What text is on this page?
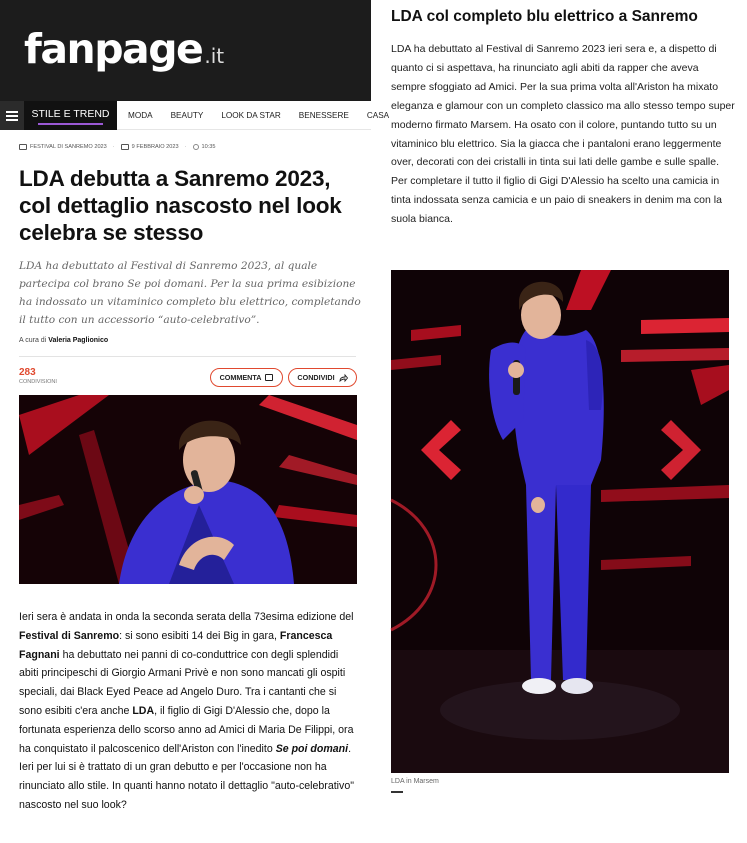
fanpage .it
STILE E TREND	MODA BEAUTY LOOK DA STAR BENESSERE CASA
FESTIVAL DI SANREMO 2023 ·	9 FEBBRAIO 2023 ·	10:35
LDA debutta a Sanremo 2023, col dettaglio nascosto nel look celebra se stesso

LDA ha debuttato al Festival di Sanremo 2023, al quale partecipa col brano Se poi domani. Per la sua prima esibizione ha indossato un vitaminico completo blu elettrico, completando il tutto con un accessorio “auto-celebrativo”.

A cura di Valeria Paglionico
283
CONDIVISIONI	COMMENTA	CONDIVIDI
Ieri sera è andata in onda la seconda serata della 73esima edizione del Festival di Sanremo: si sono esibiti 14 dei Big in gara, Francesca Fagnani ha debuttato nei panni di co-conduttrice con degli splendidi abiti principeschi di Giorgio Armani Privè e non sono mancati gli ospiti speciali, dai Black Eyed Peace ad Angelo Duro. Tra i cantanti che si sono esibiti c'era anche LDA, il figlio di Gigi D'Alessio che, dopo la fortunata esperienza dello scorso anno ad Amici di Maria De Filippi, ora ha conquistato il palcoscenico dell'Ariston con l'inedito Se poi domani. Ieri per lui si è trattato di un gran debutto e per l'occasione non ha rinunciato allo stile. In quanti hanno notato il dettaglio "auto-celebrativo" nascosto nel suo look?
LDA col completo blu elettrico a Sanremo

LDA ha debuttato al Festival di Sanremo 2023 ieri sera e, a dispetto di quanto ci si aspettava, ha rinunciato agli abiti da rapper che aveva sempre sfoggiato ad Amici. Per la sua prima volta all'Ariston ha mixato eleganza e glamour con un completo classico ma allo stesso tempo super moderno firmato Marsem. Ha osato con il colore, puntando tutto su un vitaminico blu elettrico. Sia la giacca che i pantaloni erano leggermente over, decorati con dei cristalli in tinta sui lati delle gambe e sulle spalle. Per completare il tutto il figlio di Gigi D'Alessio ha scelto una camicia in tinta indossata senza camicia e un paio di sneakers in denim ma con la suola bianca.

LDA in Marsem
